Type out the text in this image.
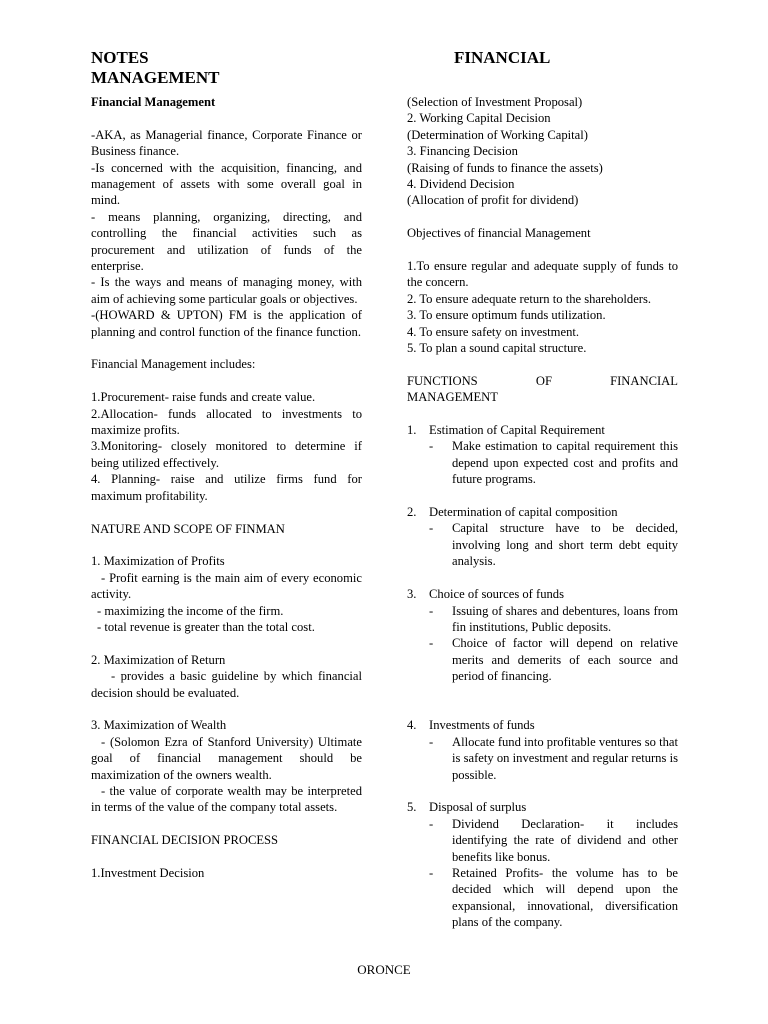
NOTES
MANAGEMENT
FINANCIAL

Financial Management

-AKA, as Managerial finance, Corporate Finance or Business finance.

-Is concerned with the acquisition, financing, and management of assets with some overall goal in mind.

- means planning, organizing, directing, and controlling the financial activities such as procurement and utilization of funds of the enterprise.

- Is the ways and means of managing money, with aim of achieving some particular goals or objectives.

-(HOWARD & UPTON) FM is the application of planning and control function of the finance function.

Financial Management includes:

1.Procurement- raise funds and create value.

2.Allocation- funds allocated to investments to maximize profits.

3.Monitoring- closely monitored to determine if being utilized effectively.

4. Planning- raise and utilize firms fund for maximum profitability.

NATURE AND SCOPE OF FINMAN

1. Maximization of Profits

- Profit earning is the main aim of every economic activity.

- maximizing the income of the firm.

- total revenue is greater than the total cost.

2. Maximization of Return

- provides a basic guideline by which financial decision should be evaluated.

3. Maximization of Wealth

- (Solomon Ezra of Stanford University) Ultimate goal of financial management should be maximization of the owners wealth.

- the value of corporate wealth may be interpreted in terms of the value of the company total assets.

FINANCIAL DECISION PROCESS

1.Investment Decision

(Selection of Investment Proposal)

2. Working Capital Decision

(Determination of Working Capital)

3. Financing Decision

(Raising of funds to finance the assets)

4. Dividend Decision

(Allocation of profit for dividend)

Objectives of financial Management

1.To ensure regular and adequate supply of funds to the concern.

2. To ensure adequate return to the shareholders.

3. To ensure optimum funds utilization.

4. To ensure safety on investment.

5. To plan a sound capital structure.

FUNCTIONS	OF	FINANCIAL

MANAGEMENT

1. Estimation of Capital Requirement

- Make estimation to capital requirement this depend upon expected cost and profits and future programs.

2. Determination of capital composition

- Capital structure have to be decided, involving long and short term debt equity analysis.

3. Choice of sources of funds

- Issuing of shares and debentures, loans from fin institutions, Public deposits.

- Choice of factor will depend on relative merits and demerits of each source and period of financing.

4. Investments of funds

- Allocate fund into profitable ventures so that is safety on investment and regular returns is possible.

5. Disposal of surplus

- Dividend Declaration- it includes identifying the rate of dividend and other benefits like bonus.

- Retained Profits- the volume has to be decided which will depend upon the expansional, innovational, diversification plans of the company.

ORONCE
